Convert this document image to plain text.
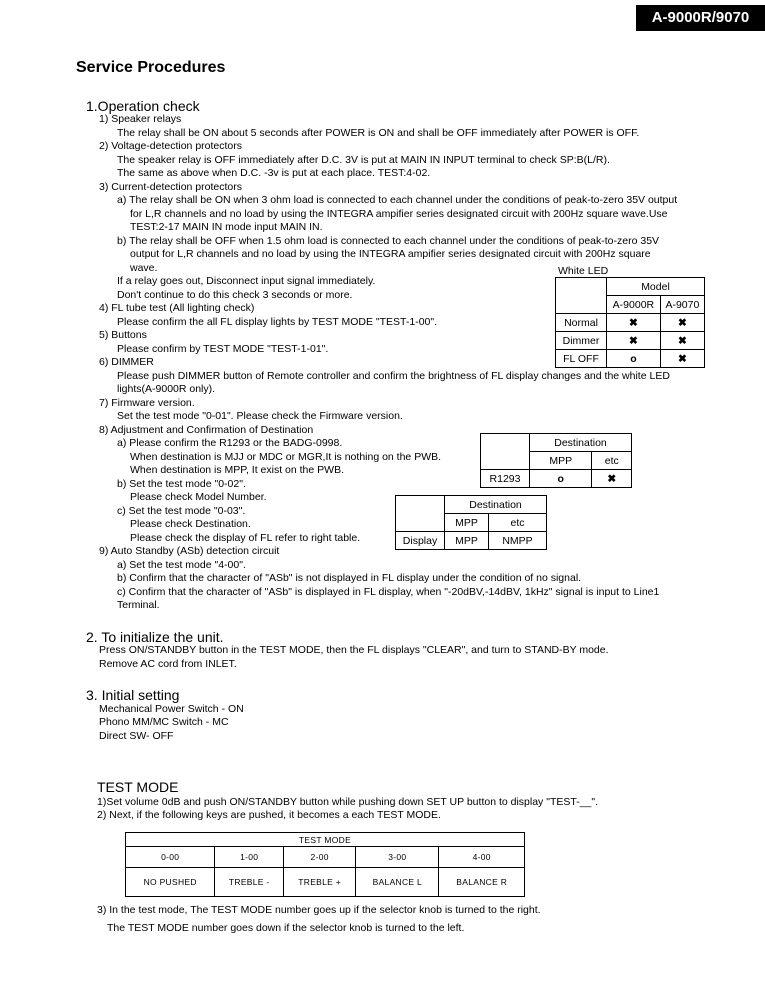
A-9000R/9070
Service Procedures
1.Operation check
1) Speaker relays
The relay shall be ON about 5 seconds after POWER is ON and shall be OFF immediately after POWER is OFF.
2) Voltage-detection protectors
The speaker relay is OFF immediately after D.C. 3V is put at MAIN IN INPUT terminal to check SP:B(L/R).
The same as above when D.C. -3v is put at each place. TEST:4-02.
3) Current-detection protectors
a) The relay shall be ON when 3 ohm load is connected to each channel under the conditions of peak-to-zero 35V output
for L,R channels and no load by using the INTEGRA ampifier series designated circuit with 200Hz square wave.Use
TEST:2-17 MAIN IN mode input MAIN IN.
b) The relay shall be OFF when 1.5 ohm load is connected to each channel under the conditions of peak-to-zero 35V
output for L,R channels and no load by using the INTEGRA ampifier series designated circuit with 200Hz square
wave.
If a relay goes out, Disconnect input signal immediately.
Don't continue to do this check 3 seconds or more.
4) FL tube test (All lighting check)
Please confirm the all FL display lights by TEST MODE "TEST-1-00".
5) Buttons
Please confirm by TEST MODE "TEST-1-01".
6) DIMMER
Please push DIMMER button of Remote controller and confirm the brightness of FL display changes and the white LED
lights(A-9000R only).
7) Firmware version.
Set the test mode "0-01". Please check the Firmware version.
8) Adjustment and Confirmation of Destination
a) Please confirm the R1293 or the BADG-0998.
When destination is MJJ or MDC or MGR,It is nothing on the PWB.
When destination is MPP, It exist on the PWB.
b) Set the test mode "0-02".
Please check Model Number.
c) Set the test mode "0-03".
Please check Destination.
Please check the display of FL refer to right table.
9) Auto Standby (ASb) detection circuit
a) Set the test mode "4-00".
b) Confirm that the character of "ASb" is not displayed in FL display under the condition of no signal.
c) Confirm that the character of "ASb" is displayed in FL display, when "-20dBV,-14dBV, 1kHz" signal is input to Line1
Terminal.
White LED
	Model	
	A-9000R	A-9070
Normal	✖	✖
Dimmer	✖	✖
FL OFF	o	✖
	Destination	
	MPP	etc
R1293	o	✖
	Destination	
	MPP	etc
Display	MPP	NMPP
2. To initialize the unit.
Press ON/STANDBY button in the TEST MODE, then the FL displays "CLEAR", and turn to STAND-BY mode.
Remove AC cord from INLET.
3. Initial setting
Mechanical Power Switch - ON
Phono MM/MC Switch - MC
Direct SW- OFF
TEST MODE
1)Set volume 0dB and push ON/STANDBY button while pushing down SET UP button to display "TEST-__".
2) Next, if the following keys are pushed, it becomes a each TEST MODE.
TEST MODE				
0-00	1-00	2-00	3-00	4-00
NO PUSHED	TREBLE -	TREBLE +	BALANCE L	BALANCE R
3) In the test mode, The TEST MODE number goes up if the selector knob is turned to the right.
The TEST MODE number goes down if the selector knob is turned to the left.
